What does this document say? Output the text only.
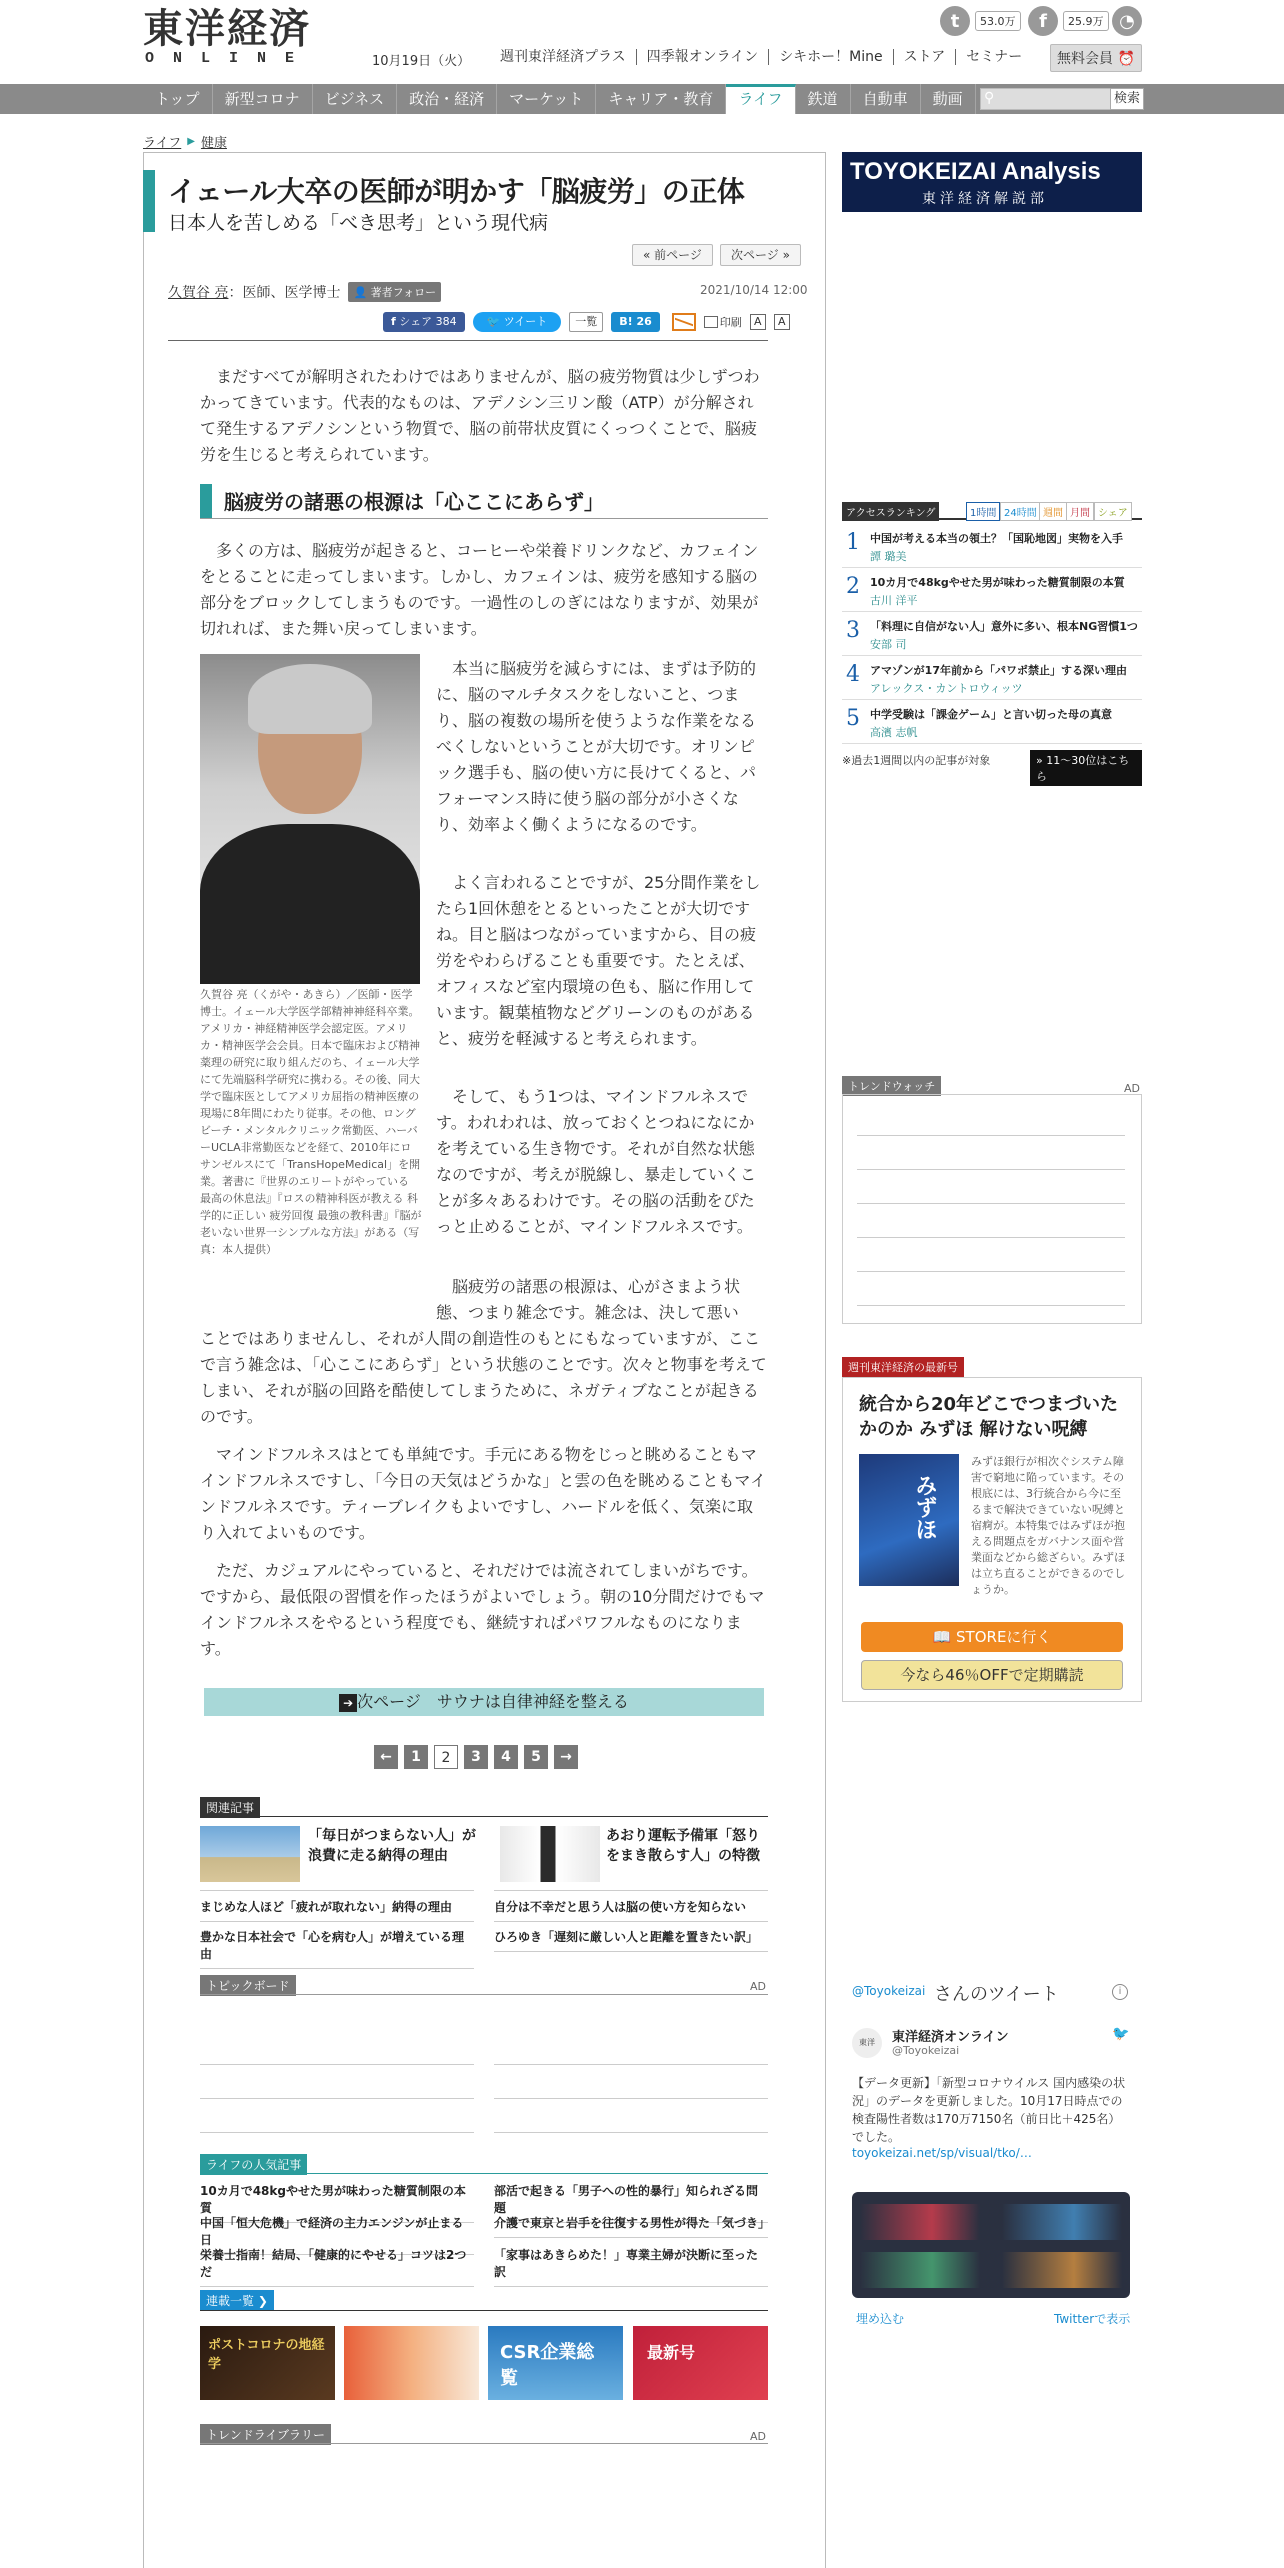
東洋経済
ONLINE	10月19日（火） 週刊東洋経済プラス	四季報オンライン	シキホー！Mine	ストア	セミナー	無料会員 ⏰
t	53.0万	f	25.9万 ◔
トップ	新型コロナ	ビジネス	政治・経済	マーケット	キャリア・教育	ライフ	鉄道	自動車	動画	⚲	検索
ライフ ▶ 健康
イェール大卒の医師が明かす「脳疲労」の正体
日本人を苦しめる「べき思考」という現代病
« 前ページ	次ページ »
久賀谷 亮 ：医師、医学博士	👤 著者フォロー	2021/10/14 12:00
f シェア 384	🐦 ツイート	一覧	B! 26	印刷	A	A

まだすべてが解明されたわけではありませんが、脳の疲労物質は少しずつわかってきています。代表的なものは、アデノシン三リン酸（ATP）が分解されて発生するアデノシンという物質で、脳の前帯状皮質にくっつくことで、脳疲労を生じると考えられています。

脳疲労の諸悪の根源は「心ここにあらず」

多くの方は、脳疲労が起きると、コーヒーや栄養ドリンクなど、カフェインをとることに走ってしまいます。しかし、カフェインは、疲労を感知する脳の部分をブロックしてしまうものです。一過性のしのぎにはなりますが、効果が切れれば、また舞い戻ってしまいます。

久賀谷 亮（くがや・あきら）／医師・医学博士。イェール大学医学部精神神経科卒業。アメリカ・神経精神医学会認定医。アメリカ・精神医学会会員。日本で臨床および精神薬理の研究に取り組んだのち、イェール大学にて先端脳科学研究に携わる。その後、同大学で臨床医としてアメリカ屈指の精神医療の現場に8年間にわたり従事。その他、ロングビーチ・メンタルクリニック常勤医、ハーバーUCLA非常勤医などを経て、2010年にロサンゼルスにて「TransHopeMedical」を開業。著書に『世界のエリートがやっている 最高の休息法』『ロスの精神科医が教える 科学的に正しい 疲労回復 最強の教科書』『脳が老いない世界一シンプルな方法』がある（写真：本人提供）

本当に脳疲労を減らすには、まずは予防的に、脳のマルチタスクをしないこと、つまり、脳の複数の場所を使うような作業をなるべくしないということが大切です。オリンピック選手も、脳の使い方に長けてくると、パフォーマンス時に使う脳の部分が小さくなり、効率よく働くようになるのです。

よく言われることですが、25分間作業をしたら1回休憩をとるといったことが大切ですね。目と脳はつながっていますから、目の疲労をやわらげることも重要です。たとえば、オフィスなど室内環境の色も、脳に作用しています。観葉植物などグリーンのものがあると、疲労を軽減すると考えられます。

そして、もう1つは、マインドフルネスです。われわれは、放っておくとつねになにかを考えている生き物です。それが自然な状態なのですが、考えが脱線し、暴走していくことが多々あるわけです。その脳の活動をぴたっと止めることが、マインドフルネスです。

脳疲労の諸悪の根源は、心がさまよう状態、つまり雑念です。雑念は、決して悪い

ことではありませんし、それが人間の創造性のもとにもなっていますが、ここで言う雑念は、「心ここにあらず」という状態のことです。次々と物事を考えてしまい、それが脳の回路を酷使してしまうために、ネガティブなことが起きるのです。

マインドフルネスはとても単純です。手元にある物をじっと眺めることもマインドフルネスですし、「今日の天気はどうかな」と雲の色を眺めることもマインドフルネスです。ティーブレイクもよいですし、ハードルを低く、気楽に取り入れてよいものです。

ただ、カジュアルにやっていると、それだけでは流されてしまいがちです。ですから、最低限の習慣を作ったほうがよいでしょう。朝の10分間だけでもマインドフルネスをやるという程度でも、継続すればパワフルなものになります。

➔ 次ページ　サウナは自律神経を整える
←	1	2	3	4	5	→
関連記事
「毎日がつまらない人」が浪費に走る納得の理由
あおり運転予備軍「怒りをまき散らす人」の特徴
まじめな人ほど「疲れが取れない」納得の理由
豊かな日本社会で「心を病む人」が増えている理由
自分は不幸だと思う人は脳の使い方を知らない
ひろゆき「遅刻に厳しい人と距離を置きたい訳」
トピックボード	AD
ライフの人気記事
10カ月で48kgやせた男が味わった糖質制限の本質
中国「恒大危機」で経済の主力エンジンが止まる日
栄養士指南！結局、「健康的にやせる」コツは2つだ
部活で起きる「男子への性的暴行」知られざる問題
介護で東京と岩手を往復する男性が得た「気づき」
「家事はあきらめた！」専業主婦が決断に至った訳
連載一覧 ❯
ポストコロナの地経学
CSR企業総覧
最新号
トレンドライブラリー	AD
TOYOKEIZAI Analysis
東洋経済解説部
アクセスランキング	1時間 24時間 週間 月間 シェア
1 中国が考える本当の領土？「国恥地図」実物を入手
譚 璐美
2 10カ月で48kgやせた男が味わった糖質制限の本質
古川 洋平
3 「料理に自信がない人」意外に多い、根本NG習慣1つ
安部 司
4 アマゾンが17年前から「パワポ禁止」する深い理由
アレックス・カントロウィッツ
5 中学受験は「課金ゲーム」と言い切った母の真意
高濱 志帆
※過去1週間以内の記事が対象	» 11～30位はこちら
トレンドウォッチ	AD
週刊東洋経済の最新号
統合から20年どこでつまづいたかのか みずほ 解けない呪縛
みずほ
みずほ銀行が相次ぐシステム障害で窮地に陥っています。その根底には、3行統合から今に至るまで解決できていない呪縛と宿痾が。本特集ではみずほが抱える問題点をガバナンス面や営業面などから総ざらい。みずほは立ち直ることができるのでしょうか。
📖 STOREに行く
今なら46％OFFで定期購読
@Toyokeizai さんのツイート	i
東洋	東洋経済オンライン
@Toyokeizai
🐦
【データ更新】「新型コロナウイルス 国内感染の状況」のデータを更新しました。10月17日時点での検査陽性者数は170万7150名（前日比＋425名）でした。
toyokeizai.net/sp/visual/tko/…
埋め込む	Twitterで表示
